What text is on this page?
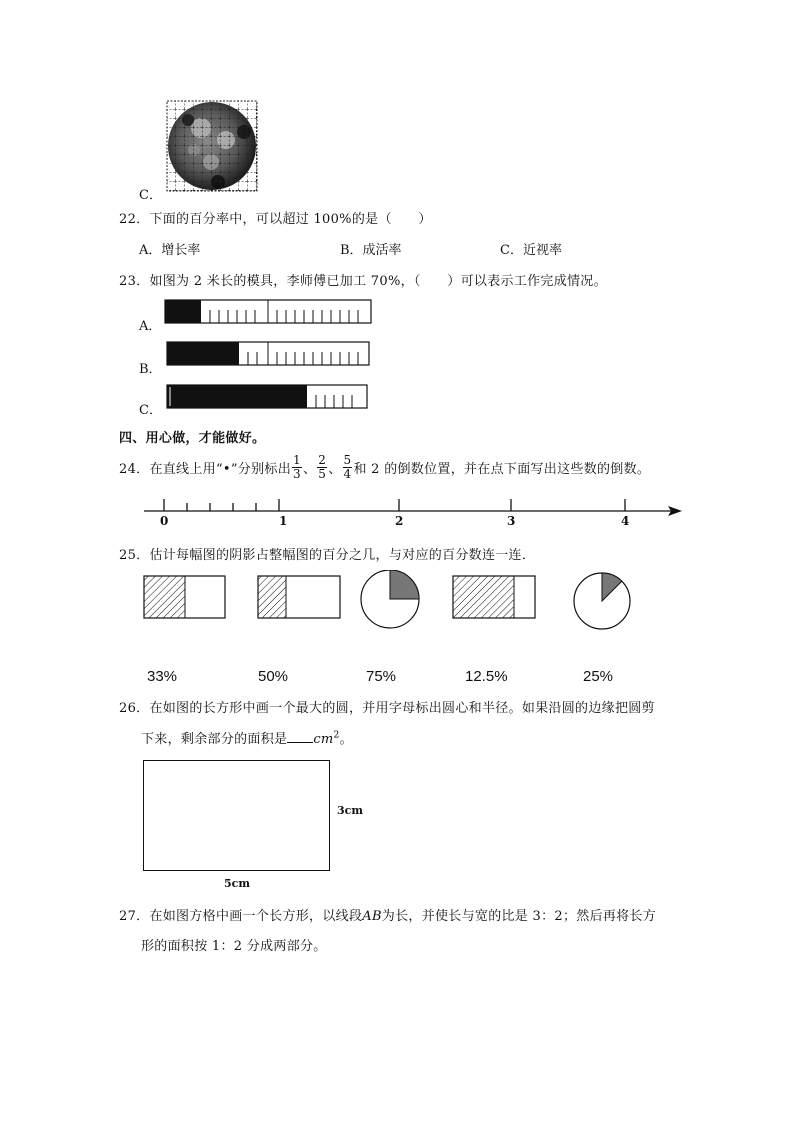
C．
22．下面的百分率中，可以超过 100%的是（　　）
A．增长率	B．成活率	C．近视率
23．如图为 2 米长的模具，李师傅已加工 70%，（　　）可以表示工作完成情况。
A．
B．
C．
四、用心做，才能做好。
24．在直线上用“•”分别标出 $\frac{1}{3}$ 、 $\frac{2}{5}$ 、 $\frac{5}{4}$ 和 2 的倒数位置，并在点下面写出这些数的倒数。
0	1	2	3	4
25．估计每幅图的阴影占整幅图的百分之几，与对应的百分数连一连．
33%	50%	75%	12.5%	25%
26．在如图的长方形中画一个最大的圆，并用字母标出圆心和半径。如果沿圆的边缘把圆剪
下来，剩余部分的面积是 $cm^2$。
3cm
5cm
27．在如图方格中画一个长方形，以线段AB为长，并使长与宽的比是 3：2；然后再将长方
形的面积按 1：2 分成两部分。
